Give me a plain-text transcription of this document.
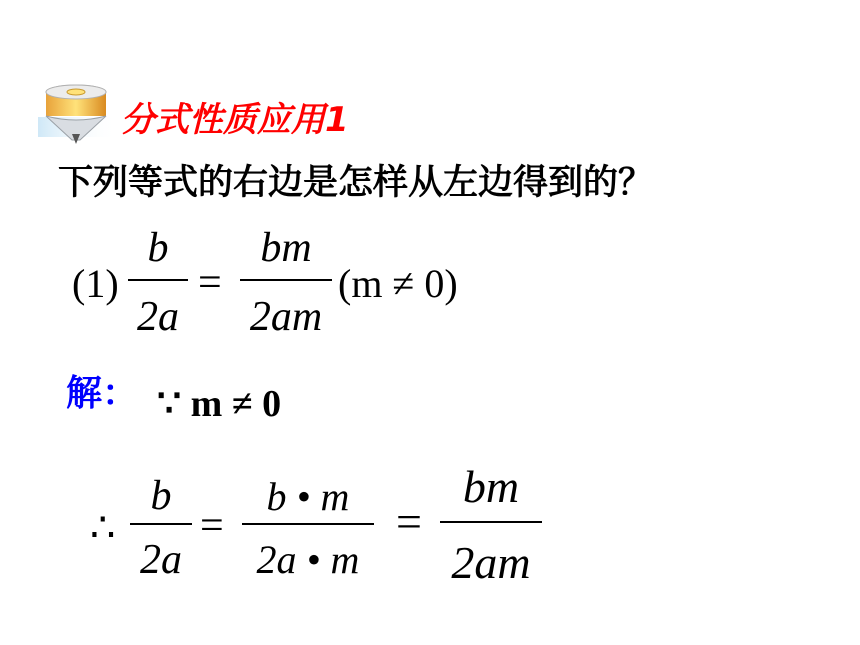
分式性质应用1
下列等式的右边是怎样从左边得到的？
(1)
b
2a
=
bm
2am
(m ≠ 0)
解： ∵ m ≠ 0
∴
b
2a
=
b • m
2a • m
=
bm
2am
